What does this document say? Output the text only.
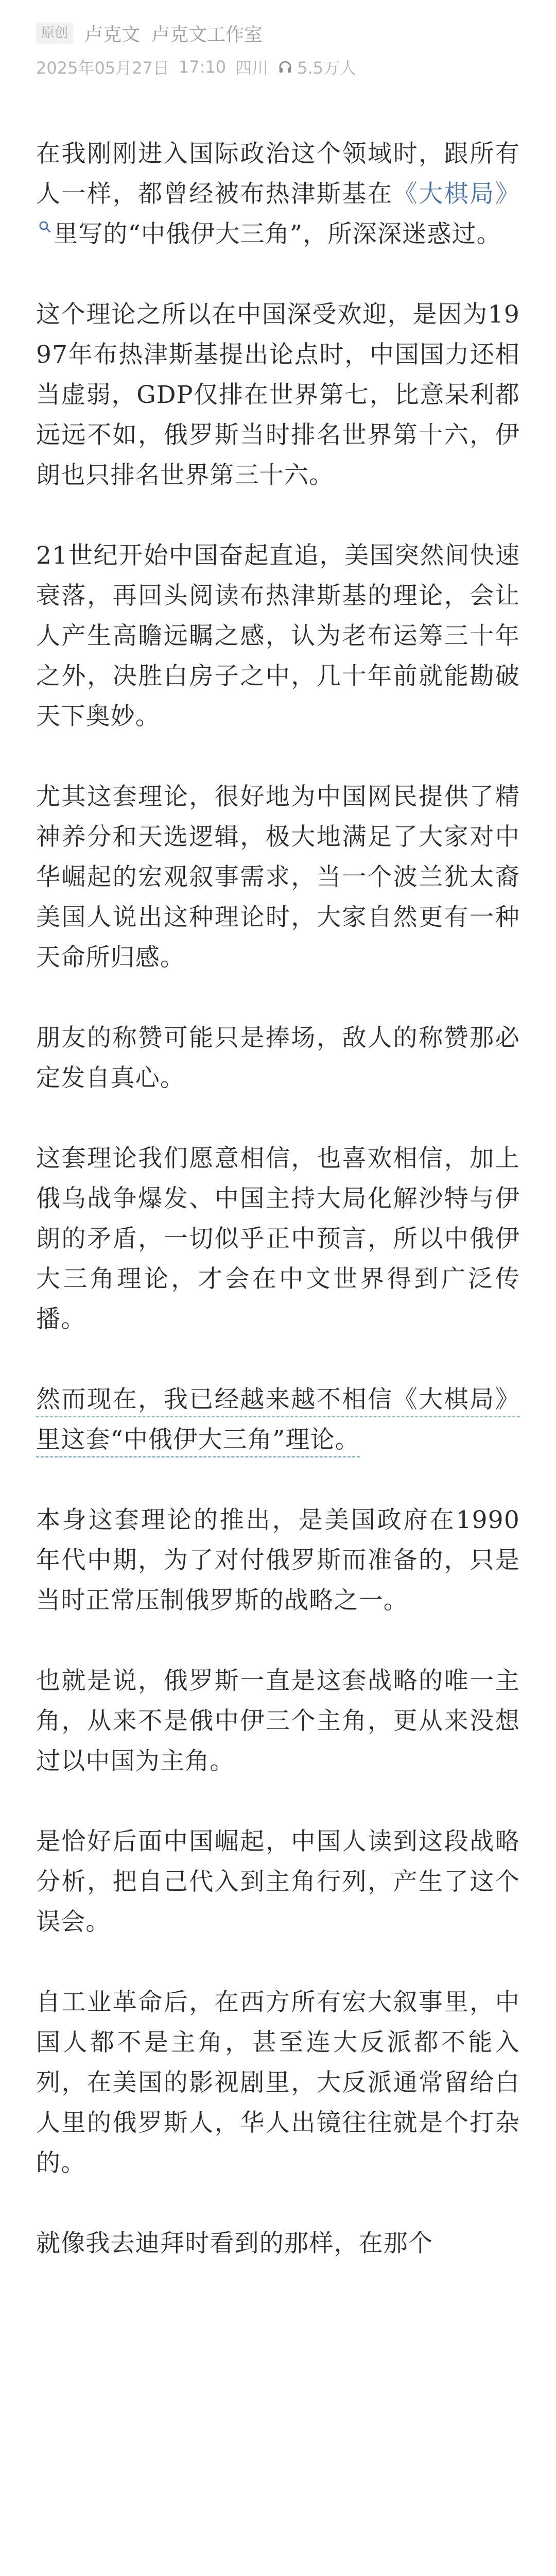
原创 卢克文 卢克文工作室
2025年05月27日 17:10 四川 5.5万人

在我刚刚进入国际政治这个领域时，跟所有人一样，都曾经被布热津斯基在《大棋局》里写的“中俄伊大三角”，所深深迷惑过。

这个理论之所以在中国深受欢迎，是因为1997年布热津斯基提出论点时，中国国力还相当虚弱，GDP仅排在世界第七，比意呆利都远远不如，俄罗斯当时排名世界第十六，伊朗也只排名世界第三十六。

21世纪开始中国奋起直追，美国突然间快速衰落，再回头阅读布热津斯基的理论，会让人产生高瞻远瞩之感，认为老布运筹三十年之外，决胜白房子之中，几十年前就能勘破天下奥妙。

尤其这套理论，很好地为中国网民提供了精神养分和天选逻辑，极大地满足了大家对中华崛起的宏观叙事需求，当一个波兰犹太裔美国人说出这种理论时，大家自然更有一种天命所归感。

朋友的称赞可能只是捧场，敌人的称赞那必定发自真心。

这套理论我们愿意相信，也喜欢相信，加上俄乌战争爆发、中国主持大局化解沙特与伊朗的矛盾，一切似乎正中预言，所以中俄伊大三角理论，才会在中文世界得到广泛传播。

然而现在，我已经越来越不相信《大棋局》里这套“中俄伊大三角”理论。

本身这套理论的推出，是美国政府在1990年代中期，为了对付俄罗斯而准备的，只是当时正常压制俄罗斯的战略之一。

也就是说，俄罗斯一直是这套战略的唯一主角，从来不是俄中伊三个主角，更从来没想过以中国为主角。

是恰好后面中国崛起，中国人读到这段战略分析，把自己代入到主角行列，产生了这个误会。

自工业革命后，在西方所有宏大叙事里，中国人都不是主角，甚至连大反派都不能入列，在美国的影视剧里，大反派通常留给白人里的俄罗斯人，华人出镜往往就是个打杂的。

就像我去迪拜时看到的那样，在那个
